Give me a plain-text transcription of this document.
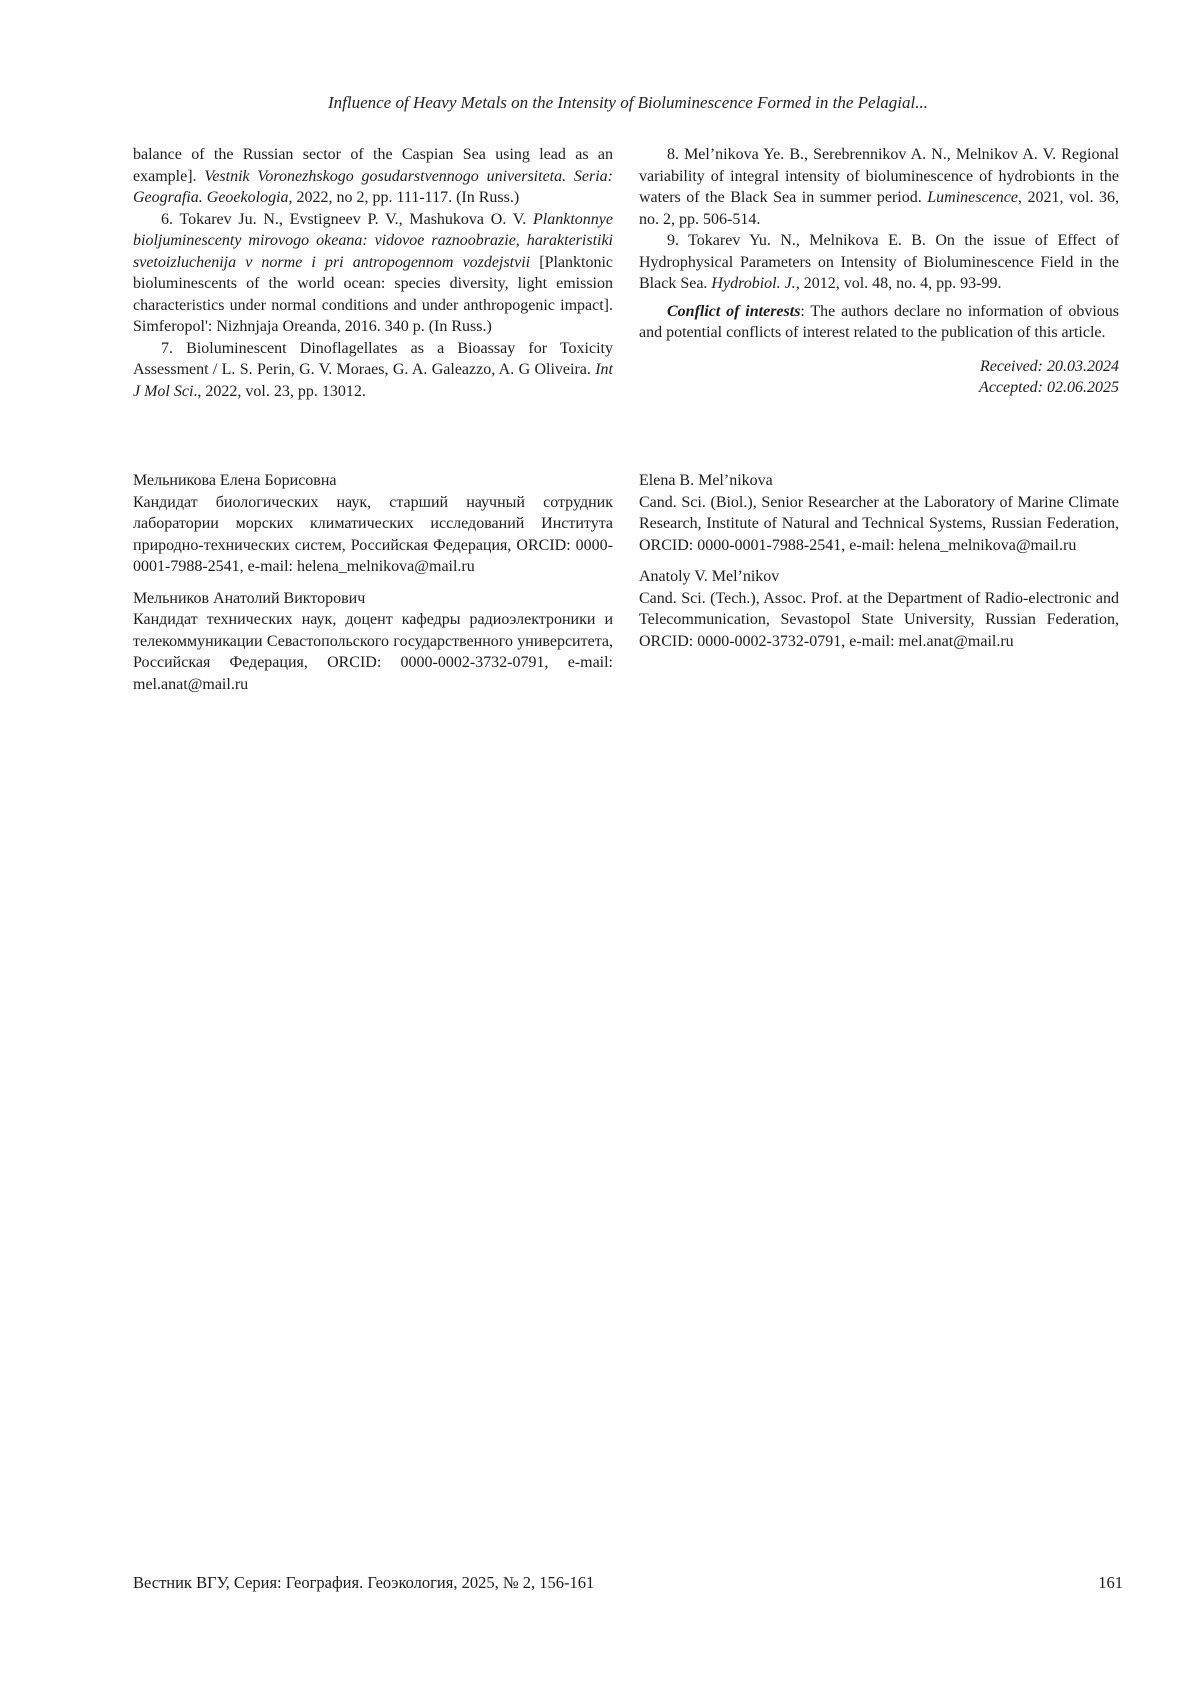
Influence of Heavy Metals on the Intensity of Bioluminescence Formed in the Pelagial...

balance of the Russian sector of the Caspian Sea using lead as an example]. Vestnik Voronezhskogo gosudarstvennogo universiteta. Seria: Geografia. Geoekologia, 2022, no 2, pp. 111-117. (In Russ.)

6. Tokarev Ju. N., Evstigneev P. V., Mashukova O. V. Planktonnye bioljuminescenty mirovogo okeana: vidovoe raznoobrazie, harakteristiki svetoizluchenija v norme i pri antropogennom vozdejstvii [Planktonic bioluminescents of the world ocean: species diversity, light emission characteristics under normal conditions and under anthropogenic impact]. Simferopol': Nizhnjaja Oreanda, 2016. 340 p. (In Russ.)

7. Bioluminescent Dinoflagellates as a Bioassay for Toxicity Assessment / L. S. Perin, G. V. Moraes, G. A. Galeazzo, A. G Oliveira. Int J Mol Sci., 2022, vol. 23, pp. 13012.

8. Mel’nikova Ye. B., Serebrennikov A. N., Melnikov A. V. Regional variability of integral intensity of bioluminescence of hydrobionts in the waters of the Black Sea in summer period. Luminescence, 2021, vol. 36, no. 2, pp. 506-514.

9. Tokarev Yu. N., Melnikova E. B. On the issue of Effect of Hydrophysical Parameters on Intensity of Bioluminescence Field in the Black Sea. Hydrobiol. J., 2012, vol. 48, no. 4, pp. 93-99.

Conflict of interests: The authors declare no information of obvious and potential conflicts of interest related to the publication of this article.

Received: 20.03.2024

Accepted: 02.06.2025

Мельникова Елена Борисовна

Кандидат биологических наук, старший научный сотрудник лаборатории морских климатических исследований Института природно-технических систем, Российская Федерация, ORCID: 0000-0001-7988-2541, e-mail: helena_melnikova@mail.ru

Мельников Анатолий Викторович

Кандидат технических наук, доцент кафедры радиоэлектроники и телекоммуникации Севастопольского государственного университета, Российская Федерация, ORCID: 0000-0002-3732-0791, e-mail: mel.anat@mail.ru

Elena B. Mel’nikova

Cand. Sci. (Biol.), Senior Researcher at the Laboratory of Marine Climate Research, Institute of Natural and Technical Systems, Russian Federation, ORCID: 0000-0001-7988-2541, e-mail: helena_melnikova@mail.ru

Anatoly V. Mel’nikov

Cand. Sci. (Tech.), Assoc. Prof. at the Department of Radio-electronic and Telecommunication, Sevastopol State University, Russian Federation, ORCID: 0000-0002-3732-0791, e-mail: mel.anat@mail.ru

Вестник ВГУ, Серия: География. Геоэкология, 2025, № 2, 156-161	161
